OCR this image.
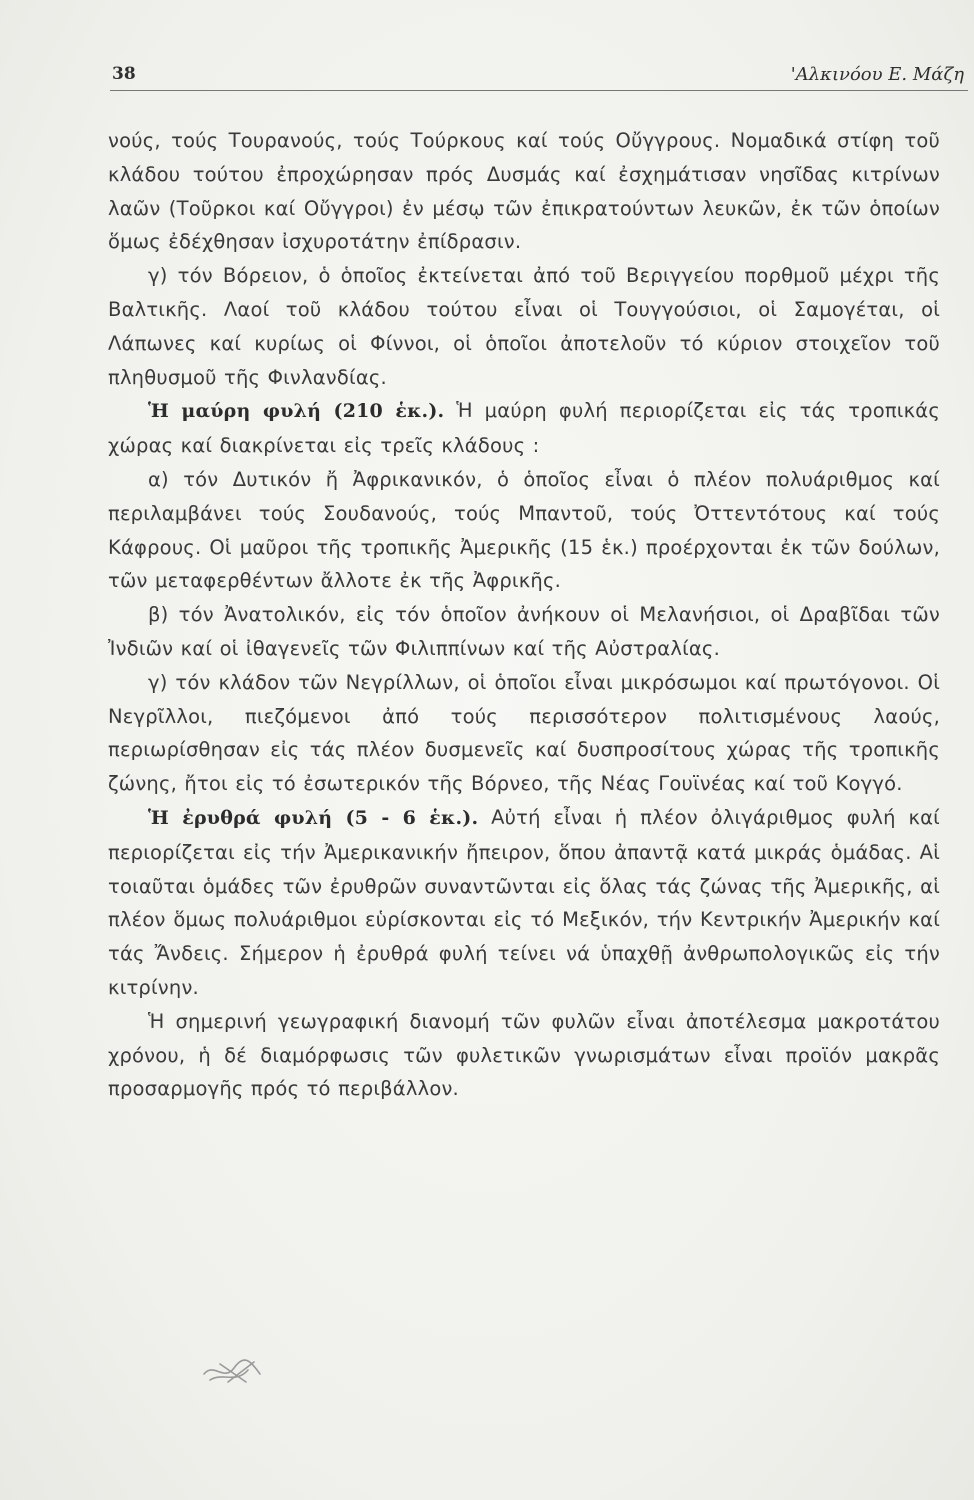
38	'Αλκινόου Ε. Μάζη

νούς, τούς Τουρανούς, τούς Τούρκους καί τούς Οὔγγρους. Νομαδικά στίφη τοῦ κλάδου τούτου ἐπροχώρησαν πρός Δυσμάς καί ἐσχημάτισαν νησῖδας κιτρίνων λαῶν (Τοῦρκοι καί Οὔγγροι) ἐν μέσῳ τῶν ἐπικρατούντων λευκῶν, ἐκ τῶν ὁποίων ὅμως ἐδέχθησαν ἰσχυροτάτην ἐπίδρασιν.

γ) τόν Βόρειον, ὁ ὁποῖος ἐκτείνεται ἀπό τοῦ Βεριγγείου πορθμοῦ μέχρι τῆς Βαλτικῆς. Λαοί τοῦ κλάδου τούτου εἶναι οἱ Τουγγούσιοι, οἱ Σαμογέται, οἱ Λάπωνες καί κυρίως οἱ Φίννοι, οἱ ὁποῖοι ἀποτελοῦν τό κύριον στοιχεῖον τοῦ πληθυσμοῦ τῆς Φινλανδίας.

Ἡ μαύρη φυλή (210 ἑκ.). Ἡ μαύρη φυλή περιορίζεται εἰς τάς τροπικάς χώρας καί διακρίνεται εἰς τρεῖς κλάδους :

α) τόν Δυτικόν ἤ Ἀφρικανικόν, ὁ ὁποῖος εἶναι ὁ πλέον πολυάριθμος καί περιλαμβάνει τούς Σουδανούς, τούς Μπαντοῦ, τούς Ὀττεντότους καί τούς Κάφρους. Οἱ μαῦροι τῆς τροπικῆς Ἀμερικῆς (15 ἑκ.) προέρχονται ἐκ τῶν δούλων, τῶν μεταφερθέντων ἄλλοτε ἐκ τῆς Ἀφρικῆς.

β) τόν Ἀνατολικόν, εἰς τόν ὁποῖον ἀνήκουν οἱ Μελανήσιοι, οἱ Δραβῖδαι τῶν Ἰνδιῶν καί οἱ ἰθαγενεῖς τῶν Φιλιππίνων καί τῆς Αὐστραλίας.

γ) τόν κλάδον τῶν Νεγρίλλων, οἱ ὁποῖοι εἶναι μικρόσωμοι καί πρωτόγονοι. Οἱ Νεγρῖλλοι, πιεζόμενοι ἀπό τούς περισσότερον πολιτισμένους λαούς, περιωρίσθησαν εἰς τάς πλέον δυσμενεῖς καί δυσπροσίτους χώρας τῆς τροπικῆς ζώνης, ἤτοι εἰς τό ἐσωτερικόν τῆς Βόρνεο, τῆς Νέας Γουϊνέας καί τοῦ Κογγό.

Ἡ ἐρυθρά φυλή (5 - 6 ἑκ.). Αὐτή εἶναι ἡ πλέον ὀλιγάριθμος φυλή καί περιορίζεται εἰς τήν Ἀμερικανικήν ἤπειρον, ὅπου ἀπαντᾷ κατά μικράς ὁμάδας. Αἱ τοιαῦται ὁμάδες τῶν ἐρυθρῶν συναντῶνται εἰς ὅλας τάς ζώνας τῆς Ἀμερικῆς, αἱ πλέον ὅμως πολυάριθμοι εὑρίσκονται εἰς τό Μεξικόν, τήν Κεντρικήν Ἀμερικήν καί τάς Ἄνδεις. Σήμερον ἡ ἐρυθρά φυλή τείνει νά ὑπαχθῇ ἀνθρωπολογικῶς εἰς τήν κιτρίνην.

Ἡ σημερινή γεωγραφική διανομή τῶν φυλῶν εἶναι ἀποτέλεσμα μακροτάτου χρόνου, ἡ δέ διαμόρφωσις τῶν φυλετικῶν γνωρισμάτων εἶναι προϊόν μακρᾶς προσαρμογῆς πρός τό περιβάλλον.
